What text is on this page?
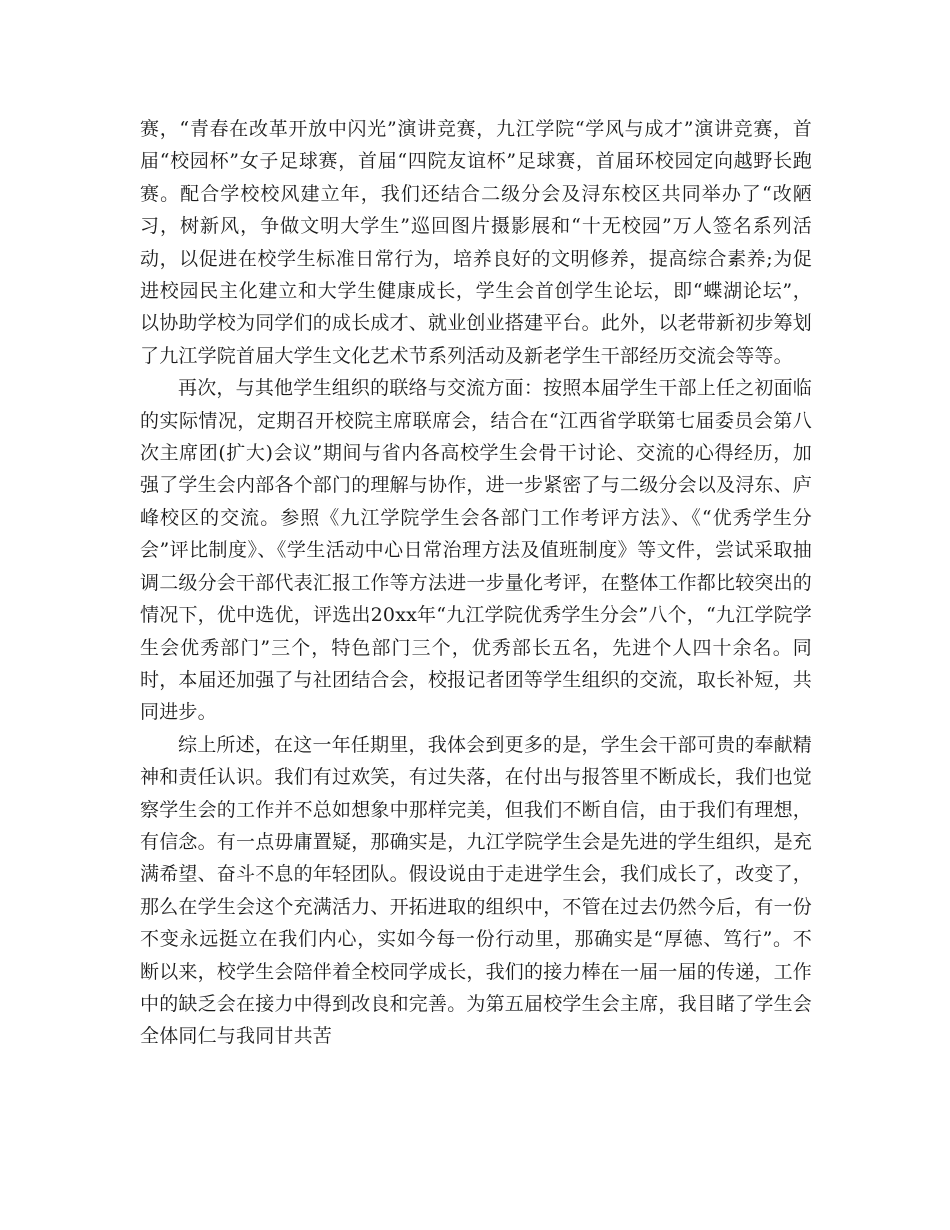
赛，“青春在改革开放中闪光”演讲竞赛，九江学院“学风与成才”演讲竞赛，首届“校园杯”女子足球赛，首届“四院友谊杯”足球赛，首届环校园定向越野长跑赛。配合学校校风建立年，我们还结合二级分会及浔东校区共同举办了“改陋习，树新风，争做文明大学生”巡回图片摄影展和“十无校园”万人签名系列活动，以促进在校学生标准日常行为，培养良好的文明修养，提高综合素养;为促进校园民主化建立和大学生健康成长，学生会首创学生论坛，即“蝶湖论坛”，以协助学校为同学们的成长成才、就业创业搭建平台。此外，以老带新初步筹划了九江学院首届大学生文化艺术节系列活动及新老学生干部经历交流会等等。

再次，与其他学生组织的联络与交流方面：按照本届学生干部上任之初面临的实际情况，定期召开校院主席联席会，结合在“江西省学联第七届委员会第八次主席团(扩大)会议”期间与省内各高校学生会骨干讨论、交流的心得经历，加强了学生会内部各个部门的理解与协作，进一步紧密了与二级分会以及浔东、庐峰校区的交流。参照《九江学院学生会各部门工作考评方法》、《“优秀学生分会”评比制度》、《学生活动中心日常治理方法及值班制度》等文件，尝试采取抽调二级分会干部代表汇报工作等方法进一步量化考评，在整体工作都比较突出的情况下，优中选优，评选出20xx年“九江学院优秀学生分会”八个，“九江学院学生会优秀部门”三个，特色部门三个，优秀部长五名，先进个人四十余名。同时，本届还加强了与社团结合会，校报记者团等学生组织的交流，取长补短，共同进步。

综上所述，在这一年任期里，我体会到更多的是，学生会干部可贵的奉献精神和责任认识。我们有过欢笑，有过失落，在付出与报答里不断成长，我们也觉察学生会的工作并不总如想象中那样完美，但我们不断自信，由于我们有理想，有信念。有一点毋庸置疑，那确实是，九江学院学生会是先进的学生组织，是充满希望、奋斗不息的年轻团队。假设说由于走进学生会，我们成长了，改变了，那么在学生会这个充满活力、开拓进取的组织中，不管在过去仍然今后，有一份不变永远挺立在我们内心，实如今每一份行动里，那确实是“厚德、笃行”。不断以来，校学生会陪伴着全校同学成长，我们的接力棒在一届一届的传递，工作中的缺乏会在接力中得到改良和完善。为第五届校学生会主席，我目睹了学生会全体同仁与我同甘共苦
